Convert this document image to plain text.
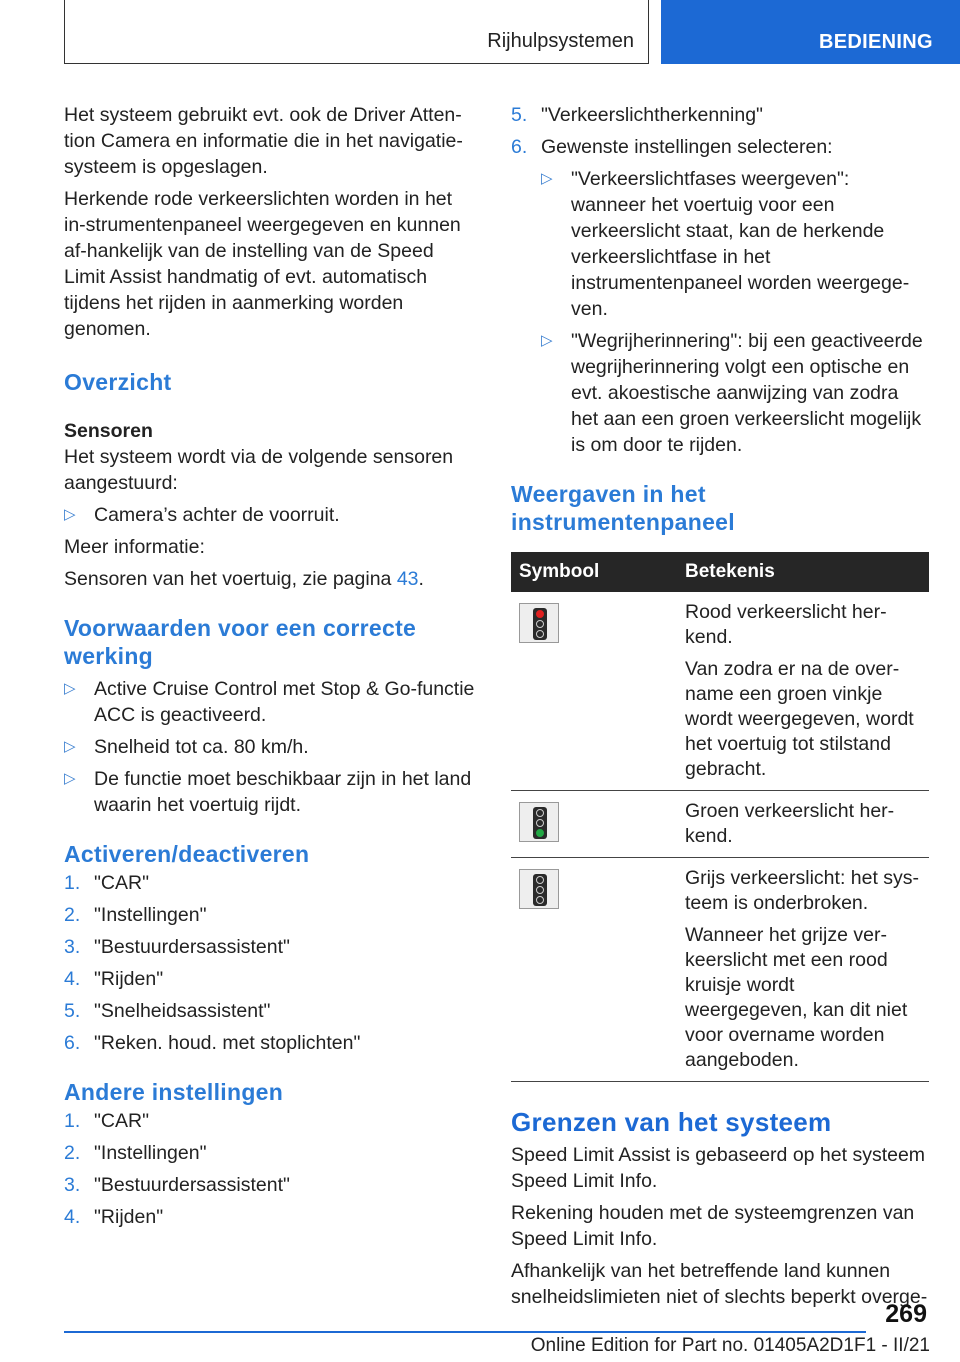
Rijhulpsystemen	BEDIENING

Het systeem gebruikt evt. ook de Driver Atten-tion Camera en informatie die in het navigatie-systeem is opgeslagen.

Herkende rode verkeerslichten worden in het in-strumentenpaneel weergegeven en kunnen af-hankelijk van de instelling van de Speed Limit Assist handmatig of evt. automatisch tijdens het rijden in aanmerking worden genomen.

Overzicht
Sensoren

Het systeem wordt via de volgende sensoren aangestuurd:

▷ Camera’s achter de voorruit.

Meer informatie:

Sensoren van het voertuig, zie pagina 43.

Voorwaarden voor een correcte werking
▷ Active Cruise Control met Stop & Go-functie ACC is geactiveerd.
▷ Snelheid tot ca. 80 km/h.
▷ De functie moet beschikbaar zijn in het land waarin het voertuig rijdt.
Activeren/deactiveren
1. "CAR"
2. "Instellingen"
3. "Bestuurdersassistent"
4. "Rijden"
5. "Snelheidsassistent"
6. "Reken. houd. met stoplichten"
Andere instellingen
1. "CAR"
2. "Instellingen"
3. "Bestuurdersassistent"
4. "Rijden"
5. "Verkeerslichtherkenning"
6. Gewenste instellingen selecteren:
▷ "Verkeerslichtfases weergeven": wanneer het voertuig voor een verkeerslicht staat, kan de herkende verkeerslichtfase in het instrumentenpaneel worden weergege-ven.
▷ "Wegrijherinnering": bij een geactiveerde wegrijherinnering volgt een optische en evt. akoestische aanwijzing van zodra het aan een groen verkeerslicht mogelijk is om door te rijden.
Weergaven in het instrumentenpaneel
Symbool	Betekenis

	Rood verkeerslicht her-kend.

Van zodra er na de over-name een groen vinkje wordt weergegeven, wordt het voertuig tot stilstand gebracht.

	Groen verkeerslicht her-kend.

	Grijs verkeerslicht: het sys-teem is onderbroken.

Wanneer het grijze ver-keerslicht met een rood kruisje wordt weergegeven, kan dit niet voor overname worden aangeboden.

Grenzen van het systeem

Speed Limit Assist is gebaseerd op het systeem Speed Limit Info.

Rekening houden met de systeemgrenzen van Speed Limit Info.

Afhankelijk van het betreffende land kunnen snelheidslimieten niet of slechts beperkt overge-

269
Online Edition for Part no. 01405A2D1F1 - II/21
